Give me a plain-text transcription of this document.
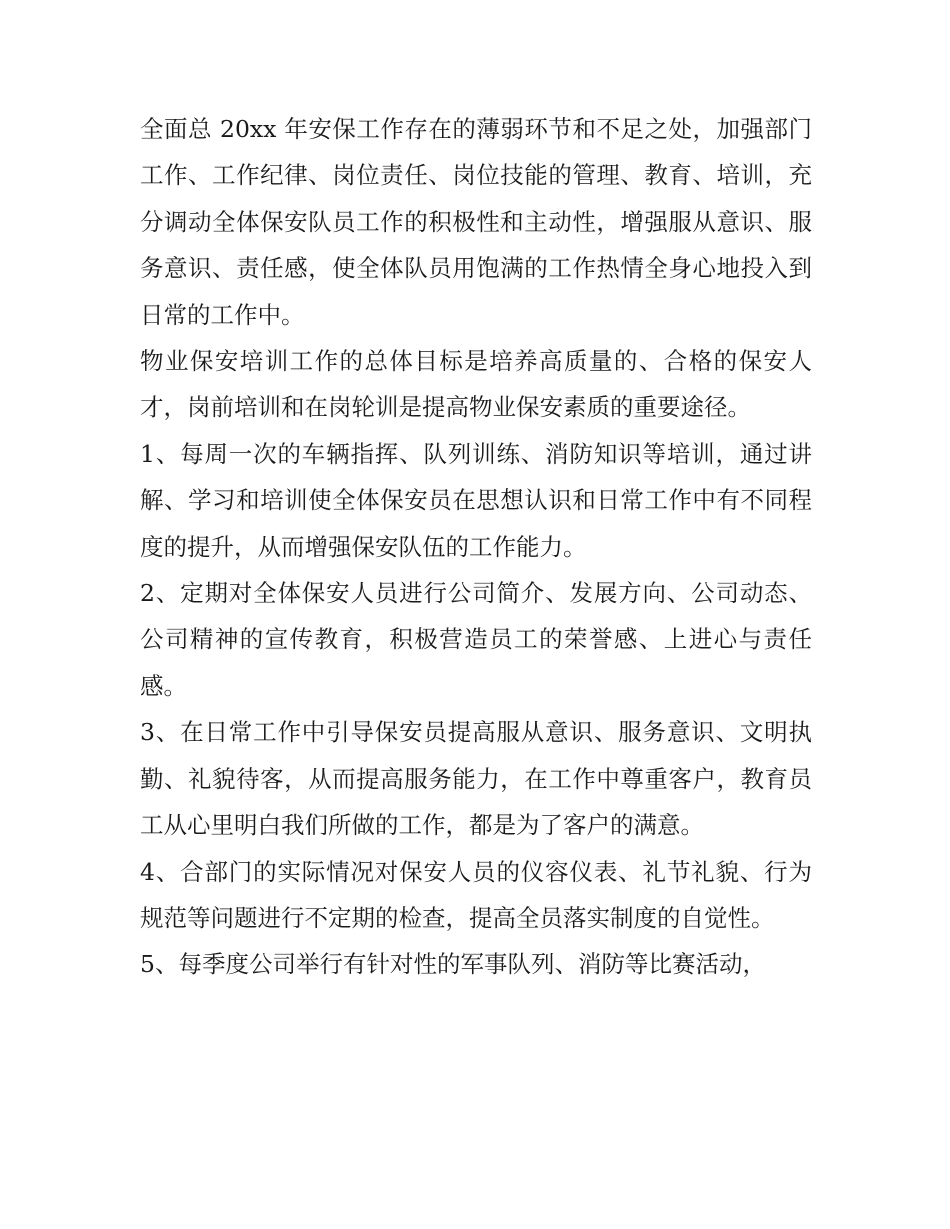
全面总 20xx 年安保工作存在的薄弱环节和不足之处，加强部门工作、工作纪律、岗位责任、岗位技能的管理、教育、培训，充分调动全体保安队员工作的积极性和主动性，增强服从意识、服务意识、责任感，使全体队员用饱满的工作热情全身心地投入到日常的工作中。

物业保安培训工作的总体目标是培养高质量的、合格的保安人才，岗前培训和在岗轮训是提高物业保安素质的重要途径。

1、每周一次的车辆指挥、队列训练、消防知识等培训，通过讲解、学习和培训使全体保安员在思想认识和日常工作中有不同程度的提升，从而增强保安队伍的工作能力。

2、定期对全体保安人员进行公司简介、发展方向、公司动态、公司精神的宣传教育，积极营造员工的荣誉感、上进心与责任感。

3、在日常工作中引导保安员提高服从意识、服务意识、文明执勤、礼貌待客，从而提高服务能力，在工作中尊重客户，教育员工从心里明白我们所做的工作，都是为了客户的满意。

4、合部门的实际情况对保安人员的仪容仪表、礼节礼貌、行为规范等问题进行不定期的检查，提高全员落实制度的自觉性。

5、每季度公司举行有针对性的军事队列、消防等比赛活动，
